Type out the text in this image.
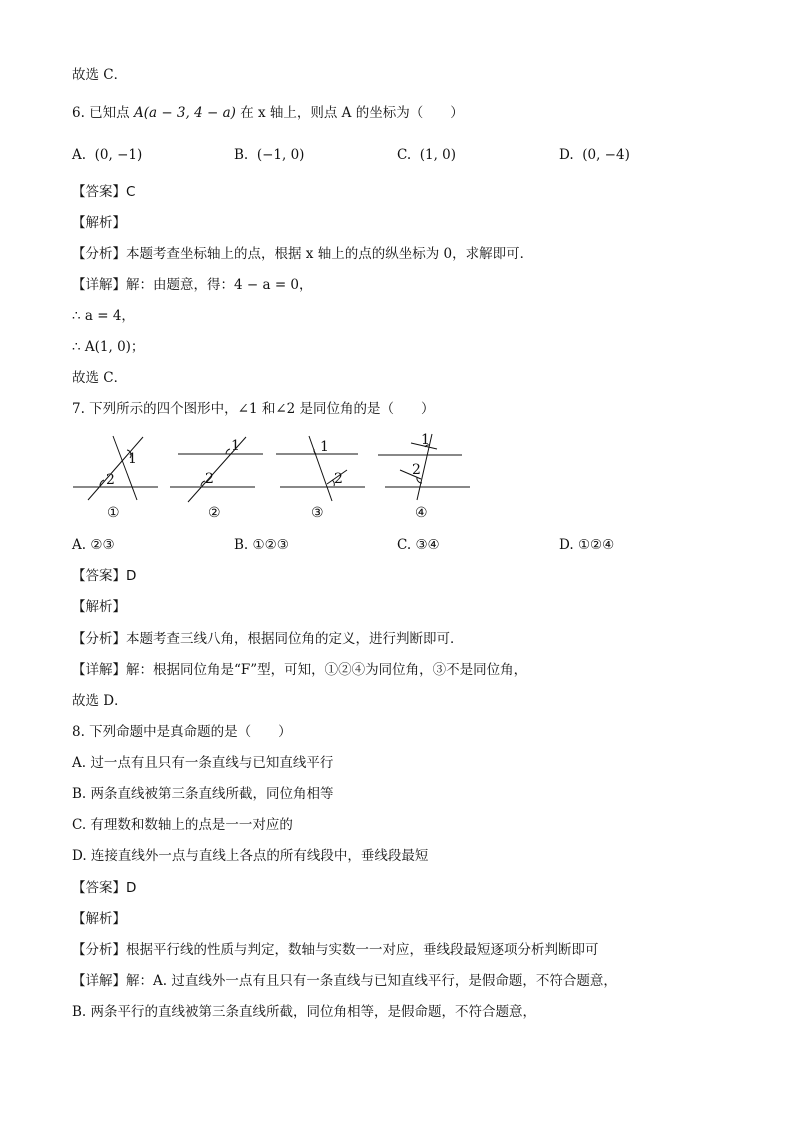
故选 C．
6. 已知点 A(a − 3, 4 − a) 在 x 轴上，则点 A 的坐标为（　　）
A. (0, −1)	B. (−1, 0)	C. (1, 0)	D. (0, −4)
【答案】C
【解析】
【分析】本题考查坐标轴上的点，根据 x 轴上的点的纵坐标为 0，求解即可．
【详解】解：由题意，得：4 − a = 0，
∴ a = 4，
∴ A(1, 0)；
故选 C．
7. 下列所示的四个图形中，∠1 和∠2 是同位角的是（　　）
1
2
1
2
1
2
1
2
①	②	③	④
A. ②③	B. ①②③	C. ③④	D. ①②④
【答案】D
【解析】
【分析】本题考查三线八角，根据同位角的定义，进行判断即可．
【详解】解：根据同位角是“F”型，可知，①②④为同位角，③不是同位角，
故选 D．
8. 下列命题中是真命题的是（　　）
A. 过一点有且只有一条直线与已知直线平行
B. 两条直线被第三条直线所截，同位角相等
C. 有理数和数轴上的点是一一对应的
D. 连接直线外一点与直线上各点的所有线段中，垂线段最短
【答案】D
【解析】
【分析】根据平行线的性质与判定，数轴与实数一一对应，垂线段最短逐项分析判断即可
【详解】解：A. 过直线外一点有且只有一条直线与已知直线平行，是假命题，不符合题意，
B. 两条平行的直线被第三条直线所截，同位角相等，是假命题，不符合题意，
